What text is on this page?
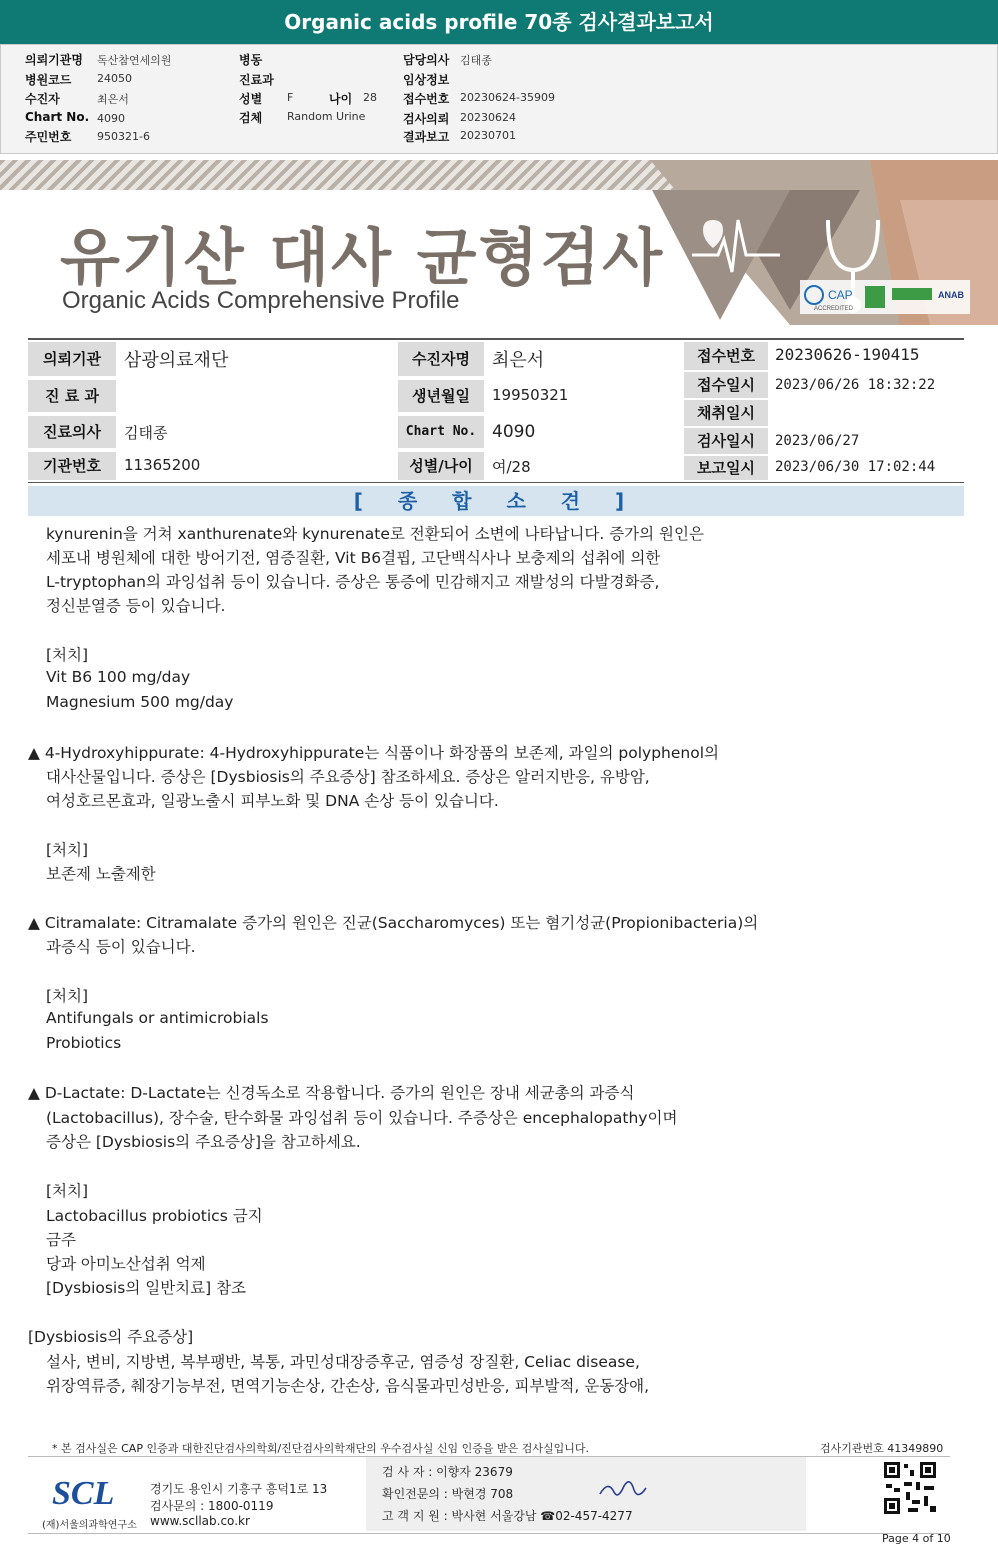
Organic acids profile 70종 검사결과보고서
의뢰기관명 독산참연세의원
병원코드 24050
수진자	최은서
Chart No. 4090
주민번호 950321-6
병동
진료과
성별 F	나이 28
검체 Random Urine
담당의사 김태종
임상정보
접수번호 20230624-35909
검사의뢰 20230624
결과보고 20230701
CAP
ACCREDITED
ANAB
유기산 대사 균형검사
Organic Acids Comprehensive Profile
의뢰기관	삼광의료재단
진 료 과
진료의사	김태종
기관번호	11365200
수진자명	최은서
생년월일	19950321
Chart No. 4090
성별/나이	여/28
접수번호	20230626-190415
접수일시	2023/06/26 18:32:22
채취일시
검사일시	2023/06/27
보고일시	2023/06/30 17:02:44
[ 종 합 소 견 ]
kynurenin을 거쳐 xanthurenate와 kynurenate로 전환되어 소변에 나타납니다. 증가의 원인은
세포내 병원체에 대한 방어기전, 염증질환, Vit B6결핍, 고단백식사나 보충제의 섭취에 의한
L-tryptophan의 과잉섭취 등이 있습니다. 증상은 통증에 민감해지고 재발성의 다발경화증,
정신분열증 등이 있습니다.
[처치]
Vit B6 100 mg/day
Magnesium 500 mg/day
▲ 4-Hydroxyhippurate: 4-Hydroxyhippurate는 식품이나 화장품의 보존제, 과일의 polyphenol의
대사산물입니다. 증상은 [Dysbiosis의 주요증상] 참조하세요. 증상은 알러지반응, 유방암,
여성호르몬효과, 일광노출시 피부노화 및 DNA 손상 등이 있습니다.
[처치]
보존제 노출제한
▲ Citramalate: Citramalate 증가의 원인은 진균(Saccharomyces) 또는 혐기성균(Propionibacteria)의
과증식 등이 있습니다.
[처치]
Antifungals or antimicrobials
Probiotics
▲ D-Lactate: D-Lactate는 신경독소로 작용합니다. 증가의 원인은 장내 세균총의 과증식
(Lactobacillus), 장수술, 탄수화물 과잉섭취 등이 있습니다. 주증상은 encephalopathy이며
증상은 [Dysbiosis의 주요증상]을 참고하세요.
[처치]
Lactobacillus probiotics 금지
금주
당과 아미노산섭취 억제
[Dysbiosis의 일반치료] 참조
[Dysbiosis의 주요증상]
설사, 변비, 지방변, 복부팽반, 복통, 과민성대장증후군, 염증성 장질환, Celiac disease,
위장역류증, 췌장기능부전, 면역기능손상, 간손상, 음식물과민성반응, 피부발적, 운동장애,
* 본 검사실은 CAP 인증과 대한진단검사의학회/진단검사의학재단의 우수검사실 신임 인증을 받은 검사실입니다.	검사기관번호 41349890
SCL
(재)서울의과학연구소
경기도 용인시 기흥구 흥덕1로 13
검사문의 : 1800-0119
www.scllab.co.kr
검 사 자 : 이향자 23679
확인전문의 : 박현경 708
고 객 지 원 : 박사현 서울강남 ☎02-457-4277
Page 4 of 10
